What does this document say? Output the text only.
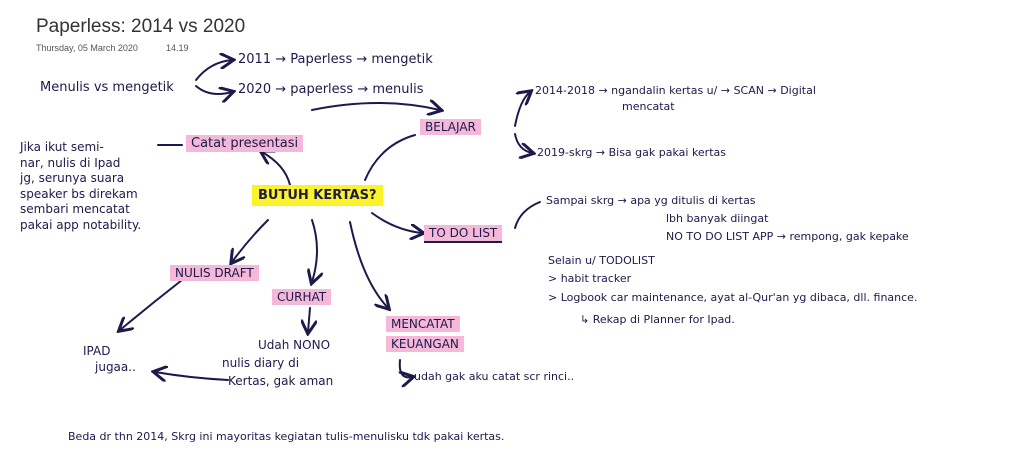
Paperless: 2014 vs 2020
Thursday, 05 March 2020	14.19
Menulis vs mengetik
2011 → Paperless → mengetik
2020 → paperless → menulis
BUTUH KERTAS?
Catat presentasi
Jika ikut semi-
nar, nulis di Ipad
jg, serunya suara
speaker bs direkam
sembari mencatat
pakai app notability.
BELAJAR
2014-2018 → ngandalin kertas u/ → SCAN → Digital
mencatat
2019-skrg → Bisa gak pakai kertas
TO DO LIST
Sampai skrg → apa yg ditulis di kertas
lbh banyak diingat
NO TO DO LIST APP → rempong, gak kepake
Selain u/ TODOLIST
> habit tracker
> Logbook car maintenance, ayat al-Qur'an yg dibaca, dll. finance.
↳ Rekap di Planner for Ipad.
NULIS DRAFT
IPAD
jugaa..
CURHAT
Udah NONO
nulis diary di
Kertas, gak aman
MENCATAT
KEUANGAN
udah gak aku catat scr rinci..
Beda dr thn 2014, Skrg ini mayoritas kegiatan tulis-menulisku tdk pakai kertas.
